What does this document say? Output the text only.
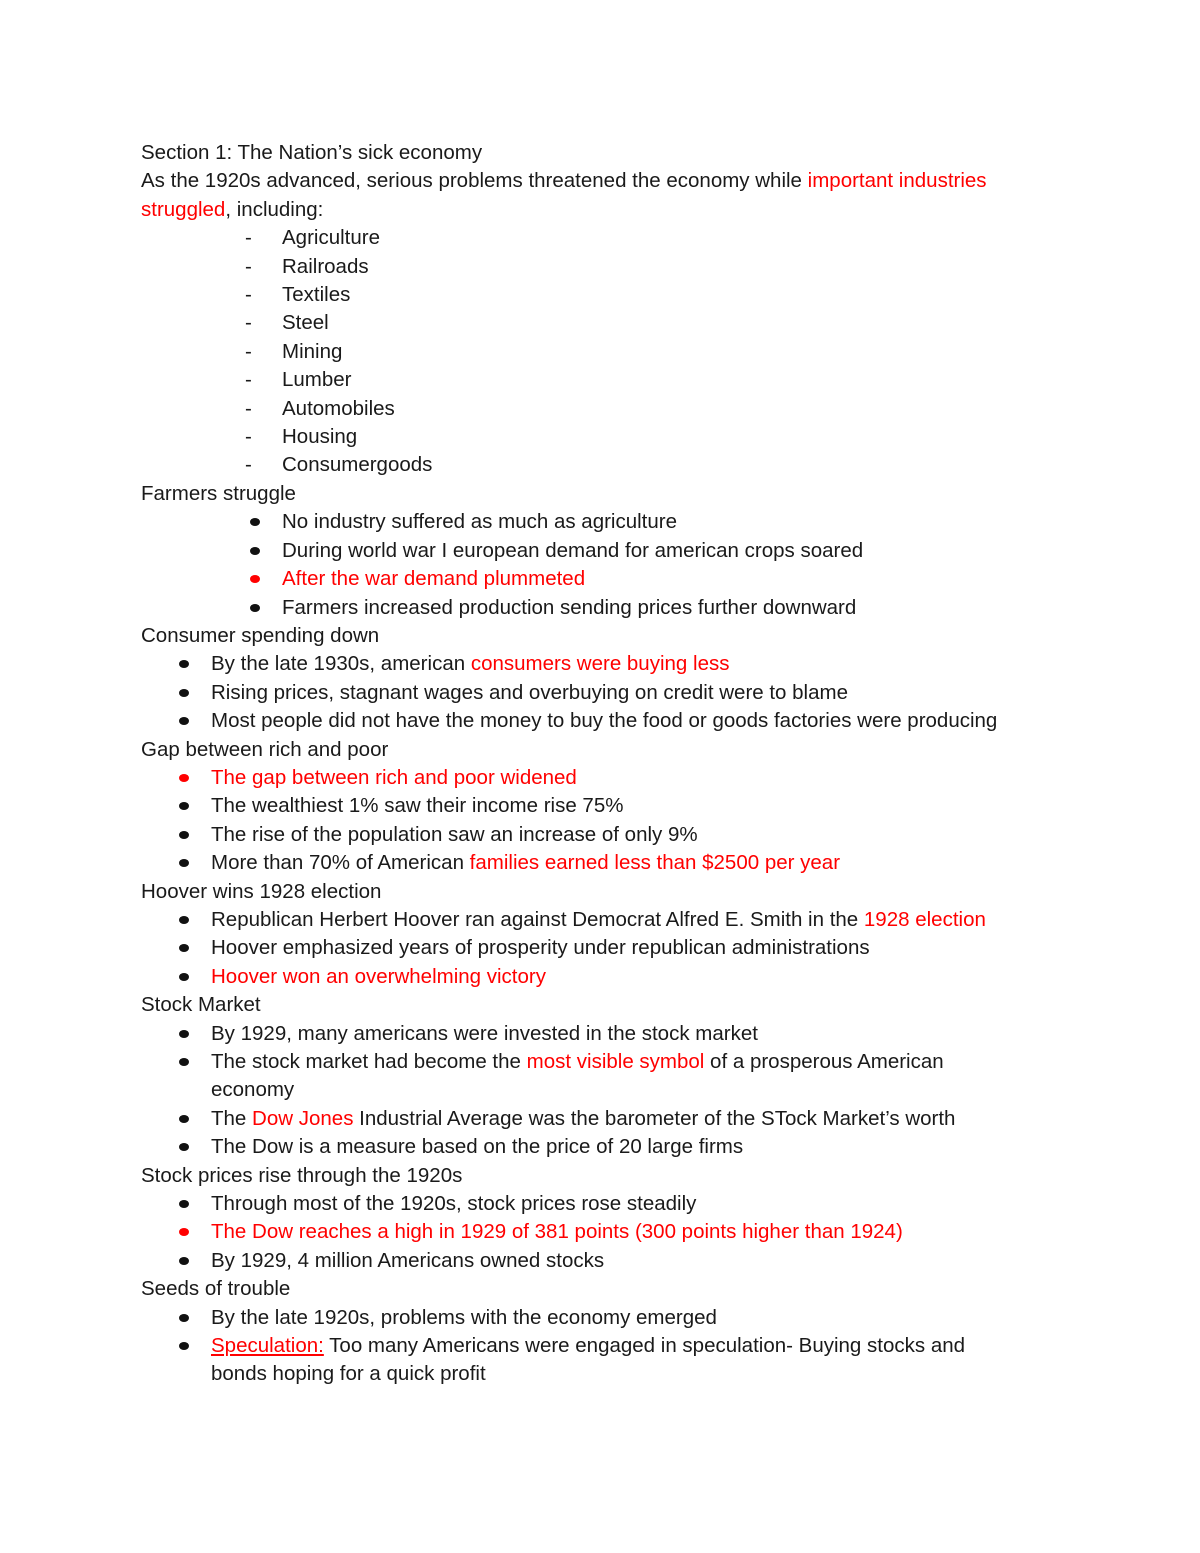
Section 1: The Nation’s sick economy
As the 1920s advanced, serious problems threatened the economy while important industries
struggled, including:
-	Agriculture
-	Railroads
-	Textiles
-	Steel
-	Mining
-	Lumber
-	Automobiles
-	Housing
-	Consumergoods
Farmers struggle
No industry suffered as much as agriculture
During world war I european demand for american crops soared
After the war demand plummeted
Farmers increased production sending prices further downward
Consumer spending down
By the late 1930s, american consumers were buying less
Rising prices, stagnant wages and overbuying on credit were to blame
Most people did not have the money to buy the food or goods factories were producing
Gap between rich and poor
The gap between rich and poor widened
The wealthiest 1% saw their income rise 75%
The rise of the population saw an increase of only 9%
More than 70% of American families earned less than $2500 per year
Hoover wins 1928 election
Republican Herbert Hoover ran against Democrat Alfred E. Smith in the 1928 election
Hoover emphasized years of prosperity under republican administrations
Hoover won an overwhelming victory
Stock Market
By 1929, many americans were invested in the stock market
The stock market had become the most visible symbol of a prosperous American economy
The Dow Jones Industrial Average was the barometer of the STock Market’s worth
The Dow is a measure based on the price of 20 large firms
Stock prices rise through the 1920s
Through most of the 1920s, stock prices rose steadily
The Dow reaches a high in 1929 of 381 points (300 points higher than 1924)
By 1929, 4 million Americans owned stocks
Seeds of trouble
By the late 1920s, problems with the economy emerged
Speculation: Too many Americans were engaged in speculation- Buying stocks and bonds hoping for a quick profit
